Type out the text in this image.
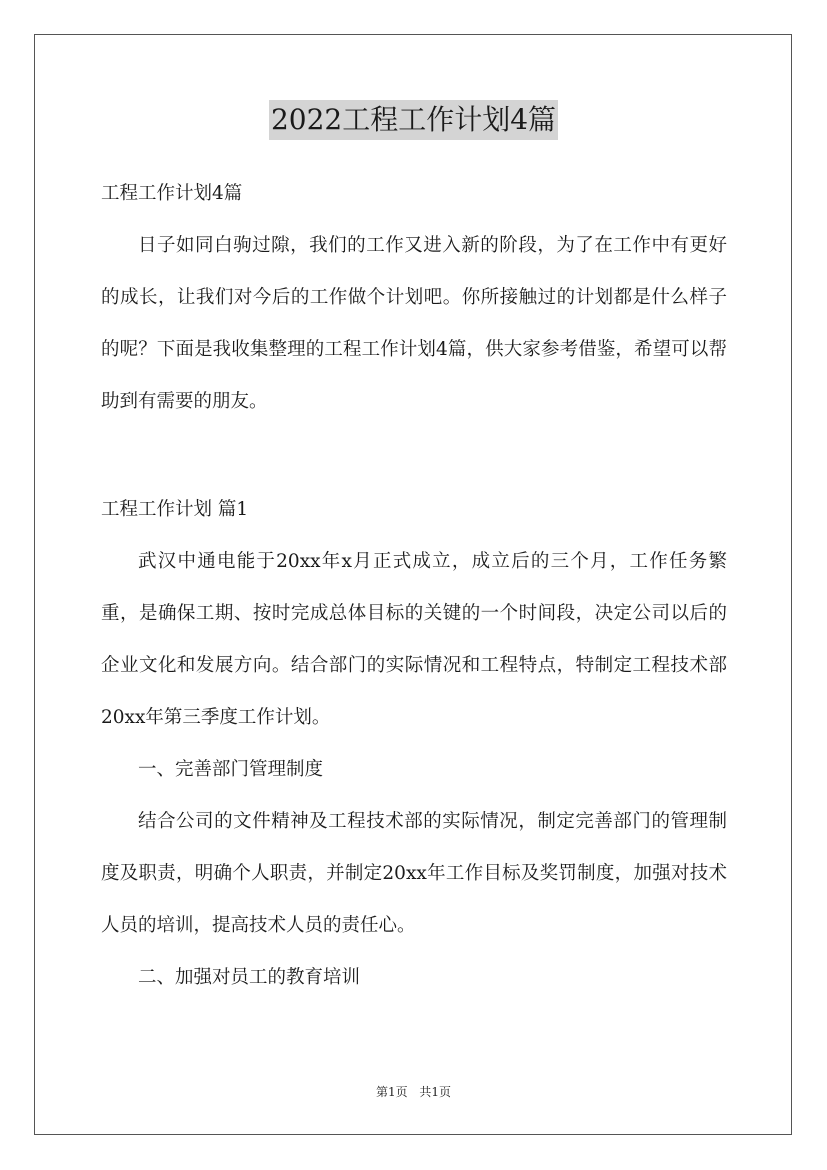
2022工程工作计划4篇

工程工作计划4篇

日子如同白驹过隙，我们的工作又进入新的阶段，为了在工作中有更好的成长，让我们对今后的工作做个计划吧。你所接触过的计划都是什么样子的呢？下面是我收集整理的工程工作计划4篇，供大家参考借鉴，希望可以帮助到有需要的朋友。

工程工作计划 篇1

武汉中通电能于20xx年x月正式成立，成立后的三个月，工作任务繁重，是确保工期、按时完成总体目标的关键的一个时间段，决定公司以后的企业文化和发展方向。结合部门的实际情况和工程特点，特制定工程技术部20xx年第三季度工作计划。

一、完善部门管理制度

结合公司的文件精神及工程技术部的实际情况，制定完善部门的管理制度及职责，明确个人职责，并制定20xx年工作目标及奖罚制度，加强对技术人员的培训，提高技术人员的责任心。

二、加强对员工的教育培训

第1页 共1页
